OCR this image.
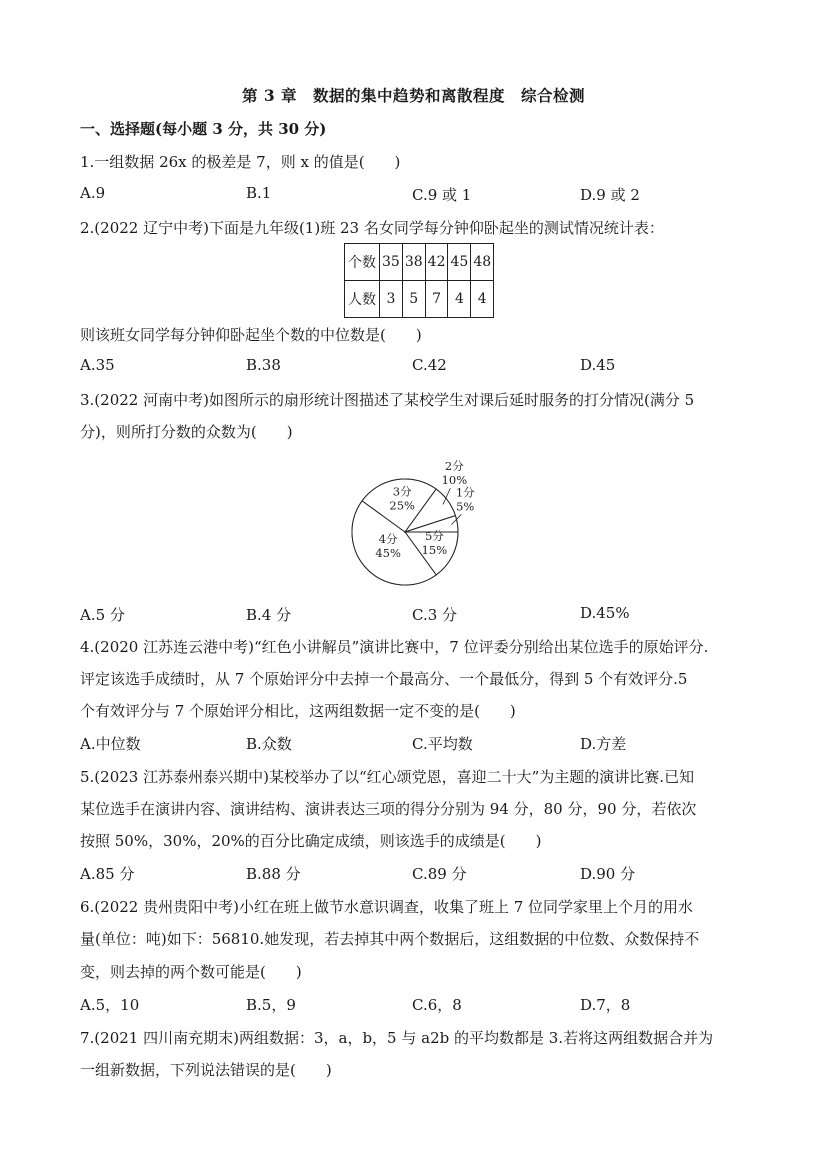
第 3 章　数据的集中趋势和离散程度　综合检测
一、选择题(每小题 3 分，共 30 分)
1.一组数据 26x 的极差是 7，则 x 的值是(　　)
A.9	B.1	C.9 或 1	D.9 或 2
2.(2022 辽宁中考)下面是九年级(1)班 23 名女同学每分钟仰卧起坐的测试情况统计表：
个数	35	38	42	45	48
人数	3	5	7	4	4
则该班女同学每分钟仰卧起坐个数的中位数是(　　)
A.35	B.38	C.42	D.45
3.(2022 河南中考)如图所示的扇形统计图描述了某校学生对课后延时服务的打分情况(满分 5
分)，则所打分数的众数为(　　)
5分
15%
4分
45%
3分
25%
2分
10%
1分
5%
A.5 分	B.4 分	C.3 分	D.45%
4.(2020 江苏连云港中考)“红色小讲解员”演讲比赛中，7 位评委分别给出某位选手的原始评分.
评定该选手成绩时，从 7 个原始评分中去掉一个最高分、一个最低分，得到 5 个有效评分.5
个有效评分与 7 个原始评分相比，这两组数据一定不变的是(　　)
A.中位数	B.众数	C.平均数	D.方差
5.(2023 江苏泰州泰兴期中)某校举办了以“红心颂党恩，喜迎二十大”为主题的演讲比赛.已知
某位选手在演讲内容、演讲结构、演讲表达三项的得分分别为 94 分，80 分，90 分，若依次
按照 50%，30%，20%的百分比确定成绩，则该选手的成绩是(　　)
A.85 分	B.88 分	C.89 分	D.90 分
6.(2022 贵州贵阳中考)小红在班上做节水意识调查，收集了班上 7 位同学家里上个月的用水
量(单位：吨)如下：56810.她发现，若去掉其中两个数据后，这组数据的中位数、众数保持不
变，则去掉的两个数可能是(　　)
A.5，10	B.5，9	C.6，8	D.7，8
7.(2021 四川南充期末)两组数据：3，a，b，5 与 a2b 的平均数都是 3.若将这两组数据合并为
一组新数据，下列说法错误的是(　　)
